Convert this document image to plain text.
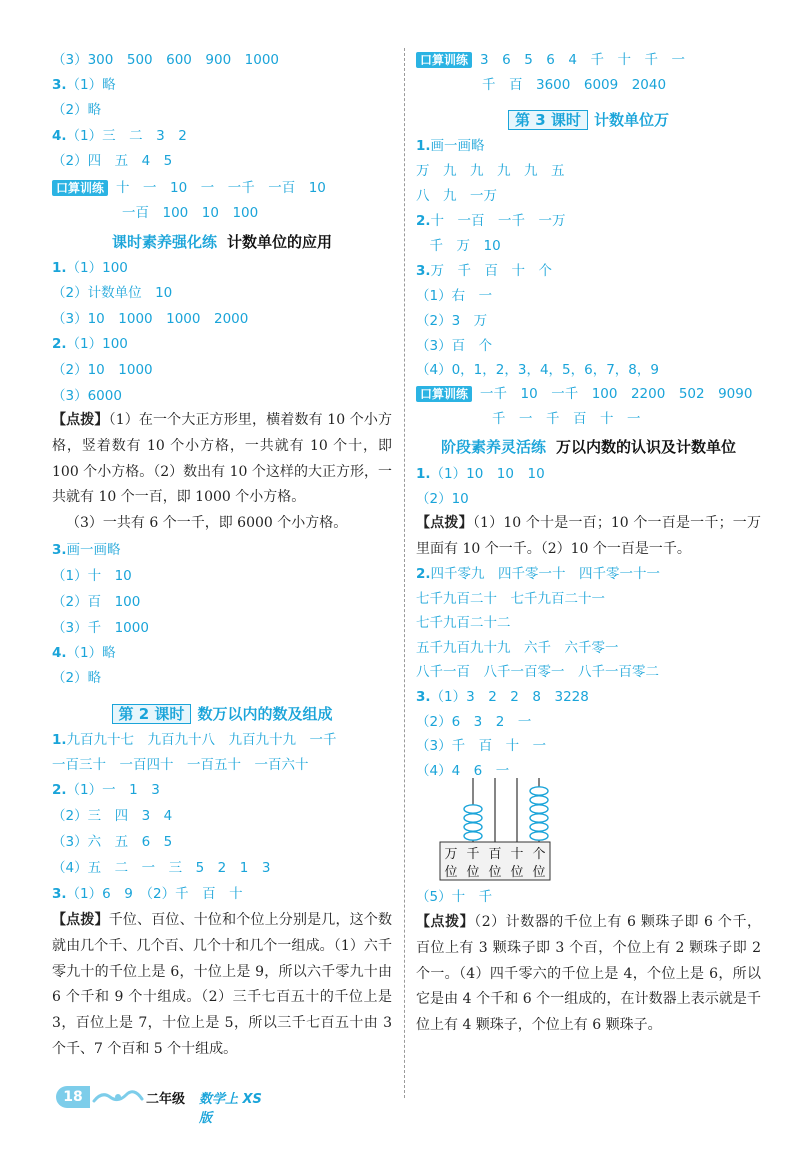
（3）300　500　600　900　1000
3.（1）略
（2）略
4.（1）三　二　3　2
（2）四　五　4　5
口算训练 十　一　10　一　一千　一百　10
一百　100　10　100
课时素养强化练 计数单位的应用
1.（1）100
（2）计数单位　10
（3）10　1000　1000　2000
2.（1）100
（2）10　1000
（3）6000
【点拨】（1）在一个大正方形里，横着数有 10 个小方格，竖着数有 10 个小方格，一共就有 10 个十，即 100 个小方格。（2）数出有 10 个这样的大正方形，一共就有 10 个一百，即 1000 个小方格。
（3）一共有 6 个一千，即 6000 个小方格。
3.画一画略
（1）十　10
（2）百　100
（3）千　1000
4.（1）略
（2）略
第 2 课时 数万以内的数及组成
1.九百九十七　九百九十八　九百九十九　一千
一百三十　一百四十　一百五十　一百六十
2.（1）一　1　3
（2）三　四　3　4
（3）六　五　6　5
（4）五　二　一　三　5　2　1　3
3.（1）6　9　（2）千　百　十
【点拨】千位、百位、十位和个位上分别是几，这个数就由几个千、几个百、几个十和几个一组成。（1）六千零九十的千位上是 6，十位上是 9，所以六千零九十由 6 个千和 9 个十组成。（2）三千七百五十的千位上是 3，百位上是 7，十位上是 5，所以三千七百五十由 3 个千、7 个百和 5 个十组成。
口算训练 3　6　5　6　4　千　十　千　一
千　百　3600　6009　2040
第 3 课时 计数单位万
1.画一画略
万　九　九　九　九　五
八　九　一万
2.十　一百　一千　一万
　千　万　10
3.万　千　百　十　个
（1）右　一
（2）3　万
（3）百　个
（4）0，1，2，3，4，5，6，7，8，9
口算训练 一千　10　一千　100　2200　502　9090
千　一　千　百　十　一
阶段素养灵活练 万以内数的认识及计数单位
1.（1）10　10　10
（2）10
【点拨】（1）10 个十是一百；10 个一百是一千；一万里面有 10 个一千。（2）10 个一百是一千。
2.四千零九　四千零一十　四千零一十一
七千九百二十　七千九百二十一
七千九百二十二
五千九百九十九　六千　六千零一
八千一百　八千一百零一　八千一百零二
3.（1）3　2　2　8　3228
（2）6　3　2　一
（3）千　百　十　一
（4）4　6　一
万 千 百 十 个
位 位 位 位 位
（5）十　千
【点拨】（2）计数器的千位上有 6 颗珠子即 6 个千，百位上有 3 颗珠子即 3 个百，个位上有 2 颗珠子即 2 个一。（4）四千零六的千位上是 4，个位上是 6，所以它是由 4 个千和 6 个一组成的，在计数器上表示就是千位上有 4 颗珠子，个位上有 6 颗珠子。
18	二年级 数学上 XS 版
